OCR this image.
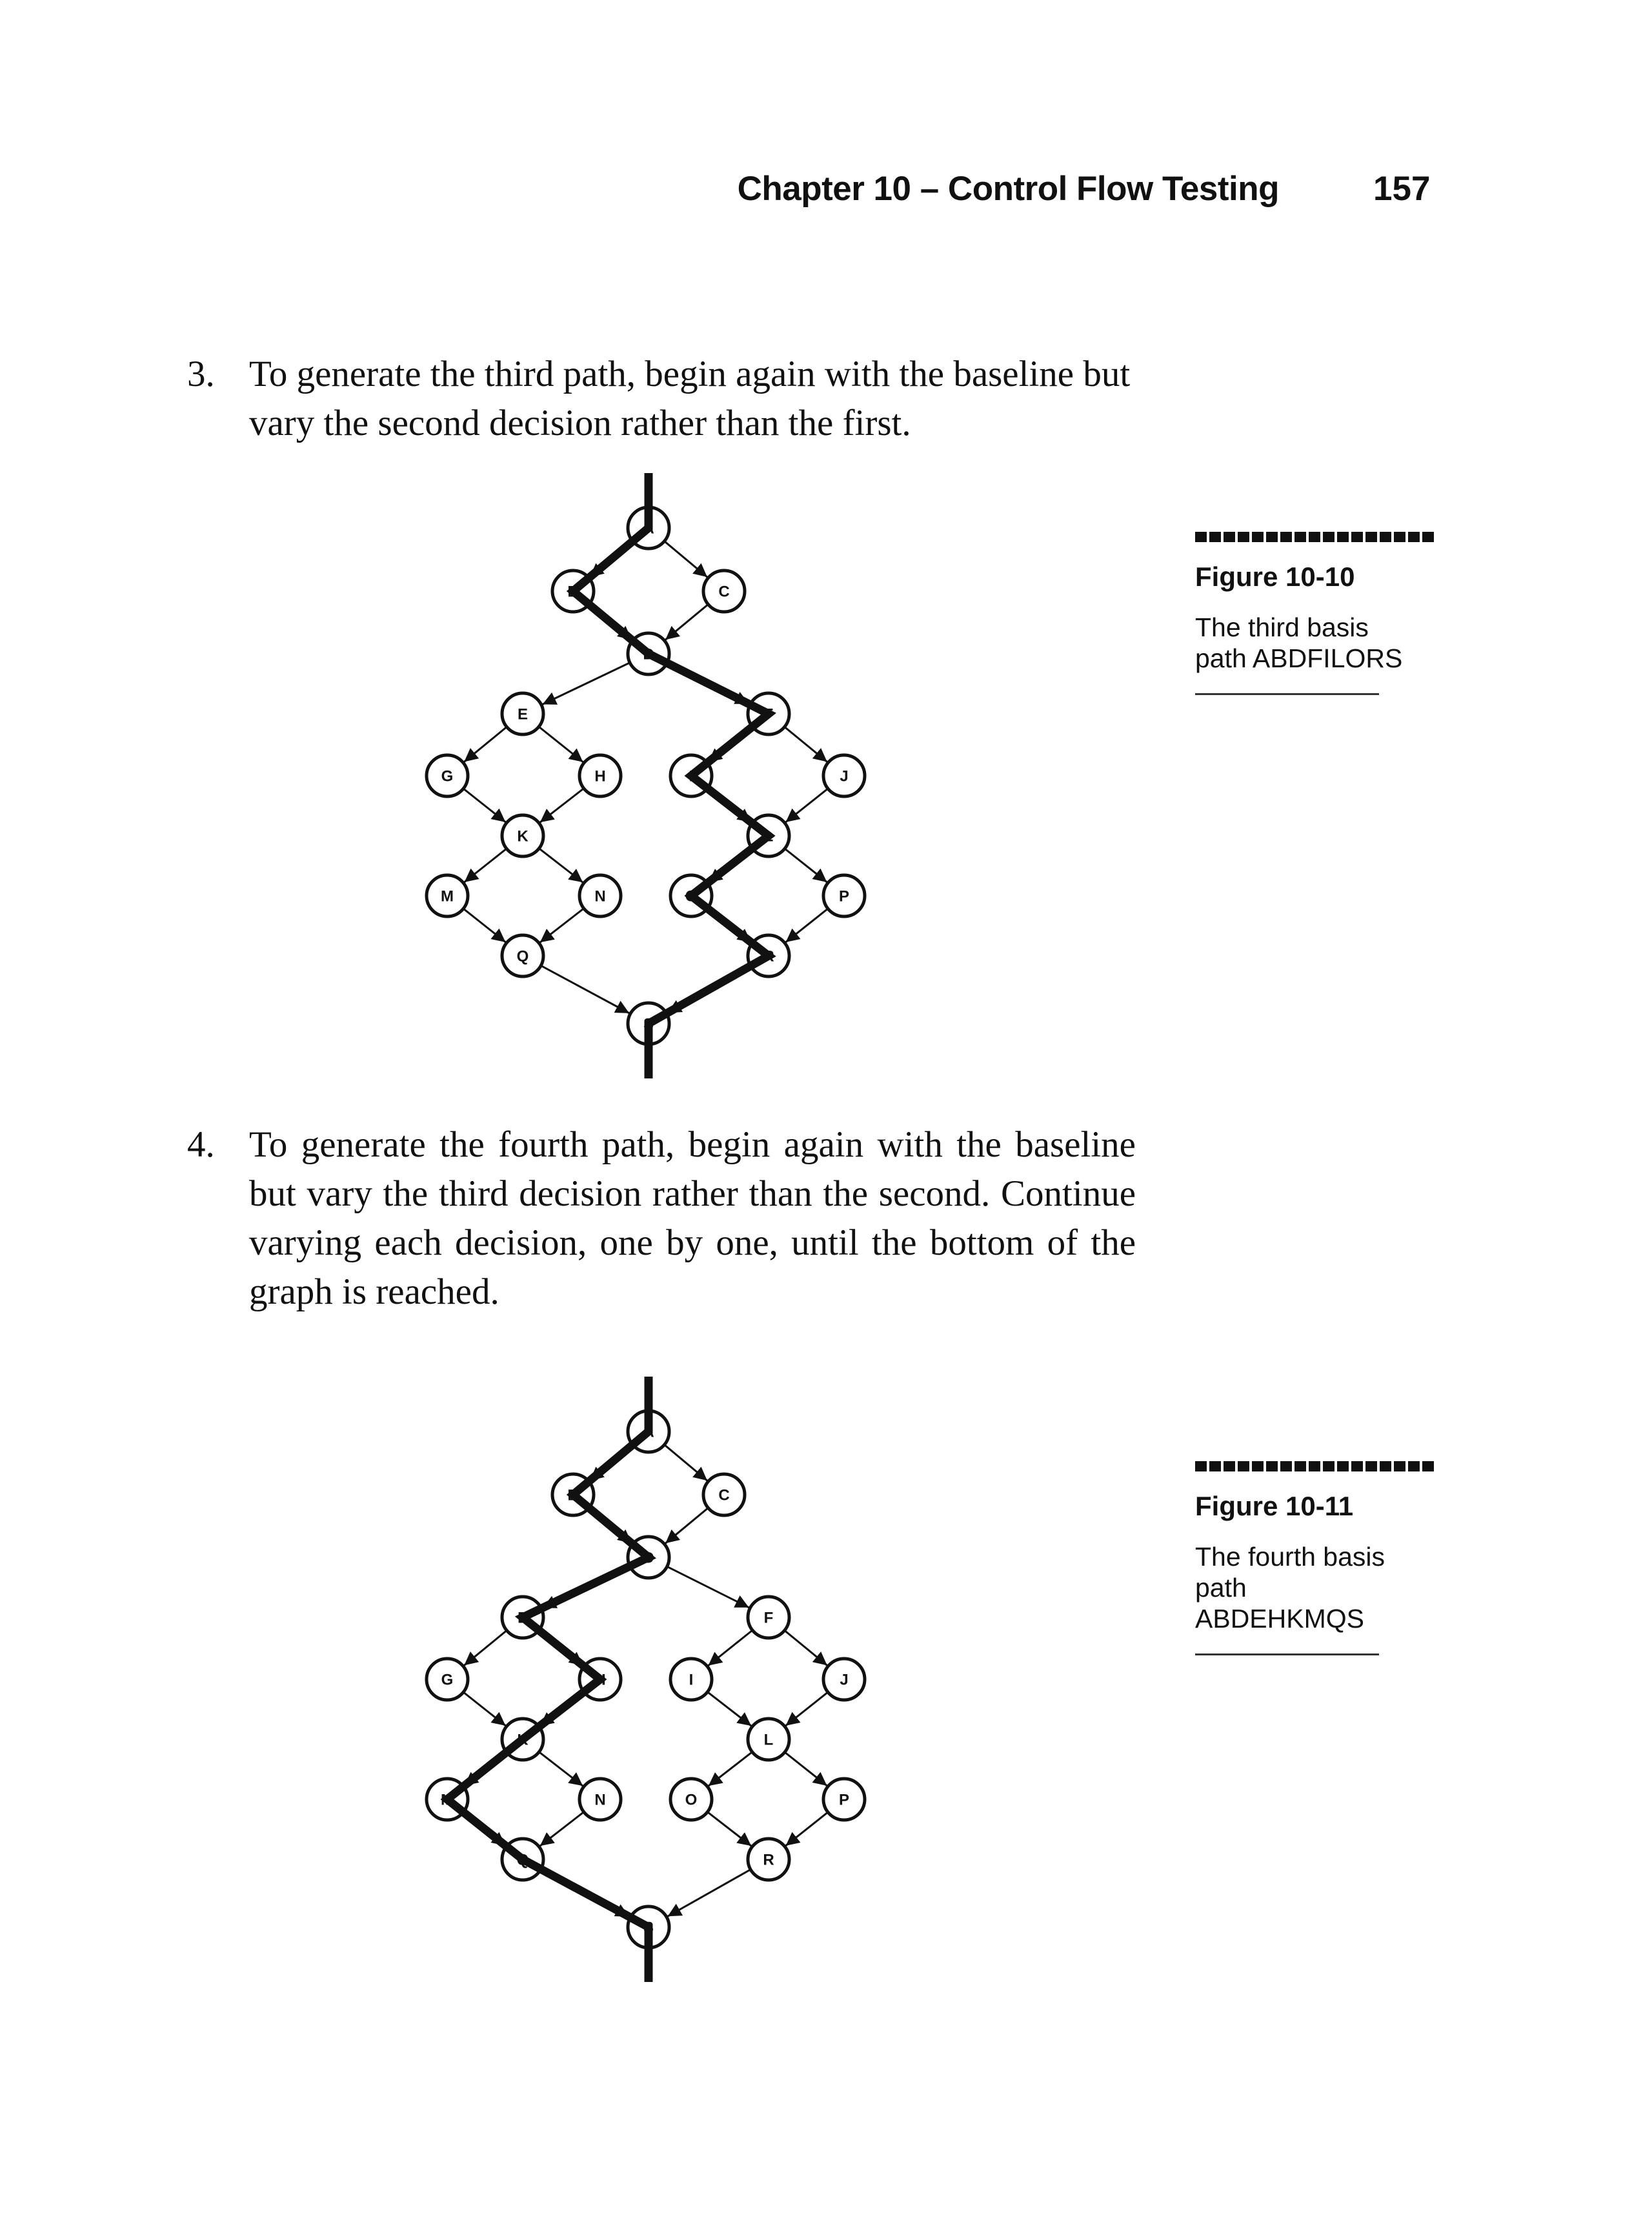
Chapter 10 – Control Flow Testing	157
3. To generate the third path, begin again with the baseline but vary the second decision rather than the first.
Figure 10-10
The third basis path ABDFILORS
A
B	C
D
E	F
G	H	I	J
K	L
M	N	O	P
Q	R
S
4. To generate the fourth path, begin again with the baseline but vary the third decision rather than the second. Continue varying each decision, one by one, until the bottom of the graph is reached.
Figure 10-11
The fourth basis path ABDEHKMQS
A
B	C
D
E	F
G	H	I	J
K	L
M	N	O	P
Q	R
S
